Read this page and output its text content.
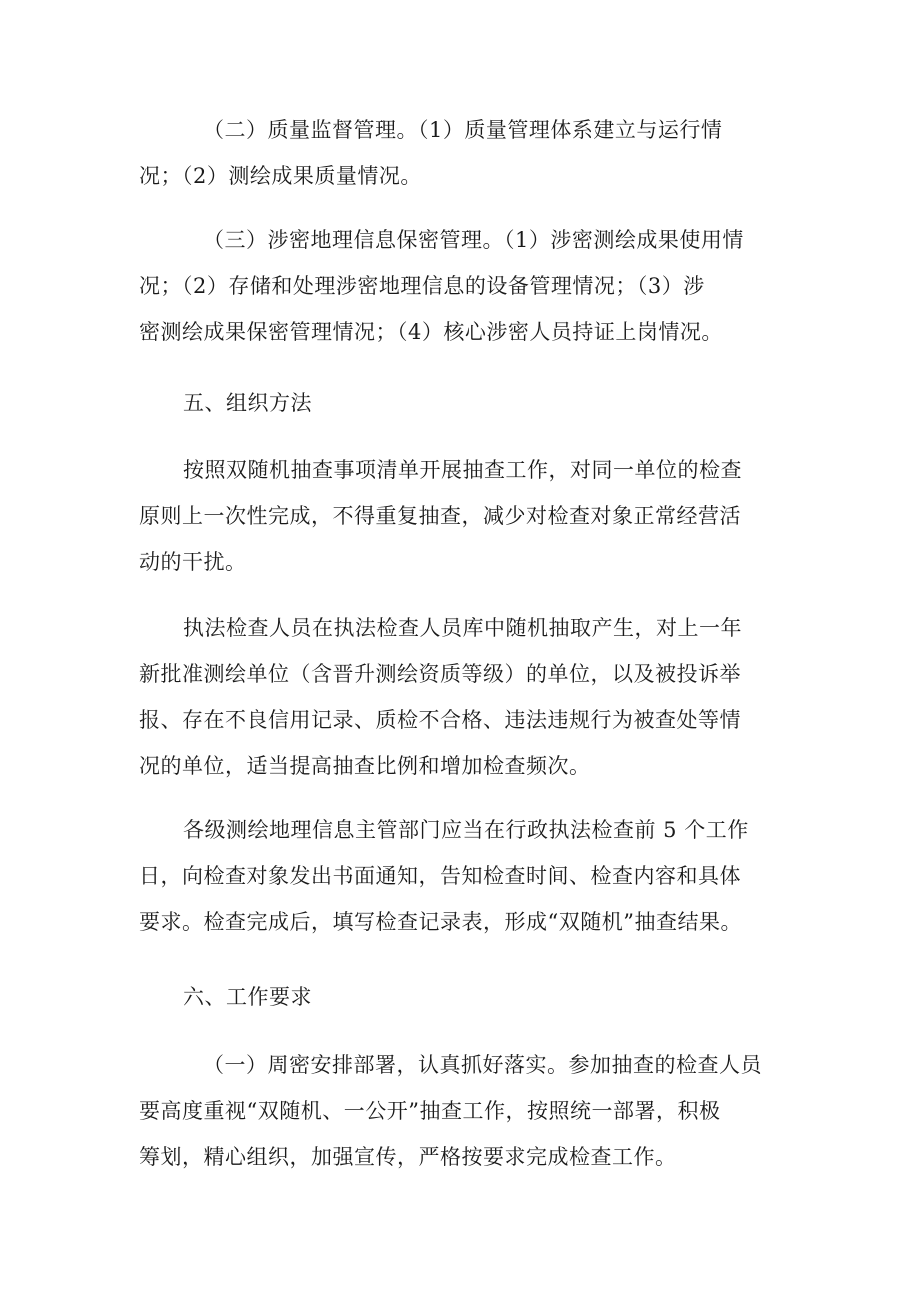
（二）质量监督管理。（1）质量管理体系建立与运行情
况；（2）测绘成果质量情况。
（三）涉密地理信息保密管理。（1）涉密测绘成果使用情
况；（2）存储和处理涉密地理信息的设备管理情况；（3）涉
密测绘成果保密管理情况；（4）核心涉密人员持证上岗情况。
五、组织方法
按照双随机抽查事项清单开展抽查工作，对同一单位的检查
原则上一次性完成，不得重复抽查，减少对检查对象正常经营活
动的干扰。
执法检查人员在执法检查人员库中随机抽取产生，对上一年
新批准测绘单位（含晋升测绘资质等级）的单位，以及被投诉举
报、存在不良信用记录、质检不合格、违法违规行为被查处等情
况的单位，适当提高抽查比例和增加检查频次。
各级测绘地理信息主管部门应当在行政执法检查前 5 个工作
日，向检查对象发出书面通知，告知检查时间、检查内容和具体
要求。检查完成后，填写检查记录表，形成“双随机”抽查结果。
六、工作要求
（一）周密安排部署，认真抓好落实。参加抽查的检查人员
要高度重视“双随机、一公开”抽查工作，按照统一部署，积极
筹划，精心组织，加强宣传，严格按要求完成检查工作。
